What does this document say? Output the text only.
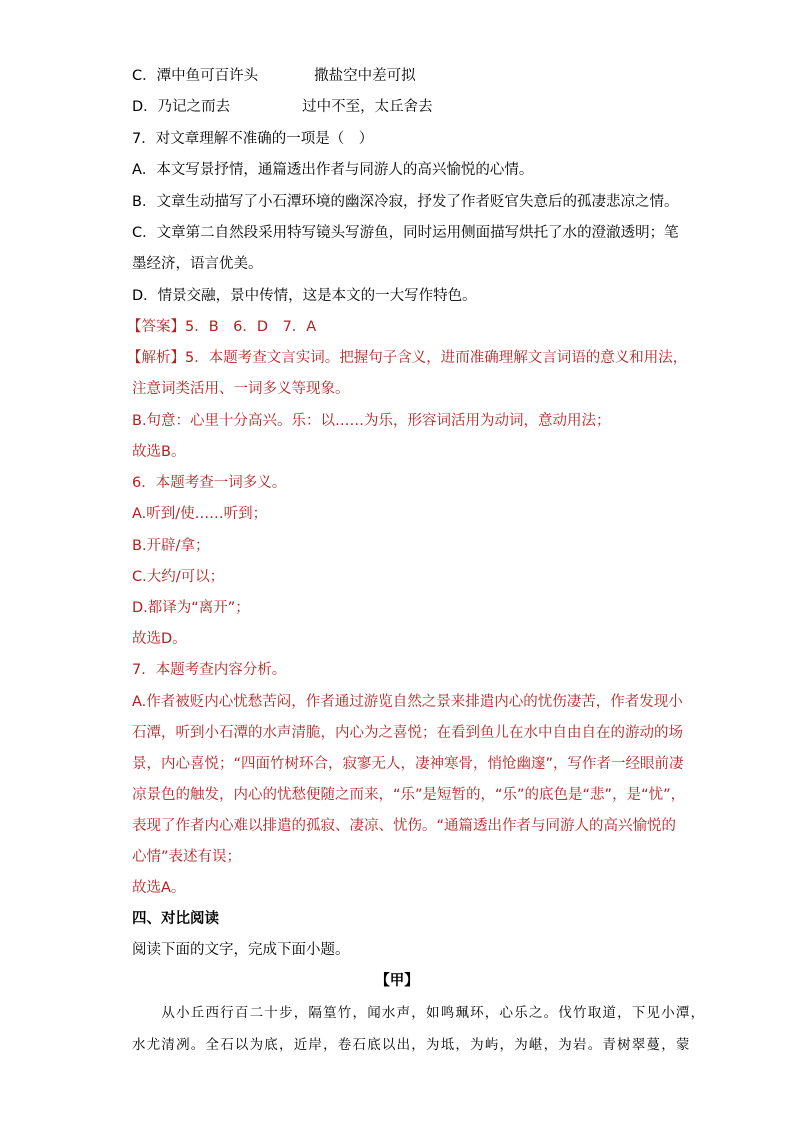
C．潭中鱼可百许头	撒盐空中差可拟
D．乃记之而去	过中不至，太丘舍去
7．对文章理解不准确的一项是（　）
A．本文写景抒情，通篇透出作者与同游人的高兴愉悦的心情。
B．文章生动描写了小石潭环境的幽深冷寂，抒发了作者贬官失意后的孤凄悲凉之情。
C．文章第二自然段采用特写镜头写游鱼，同时运用侧面描写烘托了水的澄澈透明；笔
墨经济，语言优美。
D．情景交融，景中传情，这是本文的一大写作特色。
【答案】5．B　6．D　7．A
【解析】5．本题考查文言实词。把握句子含义，进而准确理解文言词语的意义和用法，
注意词类活用、一词多义等现象。
B.句意：心里十分高兴。乐：以……为乐，形容词活用为动词，意动用法；
故选B。
6．本题考查一词多义。
A.听到/使……听到；
B.开辟/拿；
C.大约/可以；
D.都译为“离开”；
故选D。
7．本题考查内容分析。
A.作者被贬内心忧愁苦闷，作者通过游览自然之景来排遣内心的忧伤凄苦，作者发现小
石潭，听到小石潭的水声清脆，内心为之喜悦；在看到鱼儿在水中自由自在的游动的场
景，内心喜悦；“四面竹树环合，寂寥无人，凄神寒骨，悄怆幽邃”，写作者一经眼前凄
凉景色的触发，内心的忧愁便随之而来，“乐”是短暂的，“乐”的底色是“悲”，是“忧”，
表现了作者内心难以排遣的孤寂、凄凉、忧伤。“通篇透出作者与同游人的高兴愉悦的
心情”表述有误；
故选A。
四、对比阅读
阅读下面的文字，完成下面小题。
【甲】
　　从小丘西行百二十步，隔篁竹，闻水声，如鸣珮环，心乐之。伐竹取道，下见小潭，
水尤清冽。全石以为底，近岸，卷石底以出，为坻，为屿，为嵁，为岩。青树翠蔓，蒙
